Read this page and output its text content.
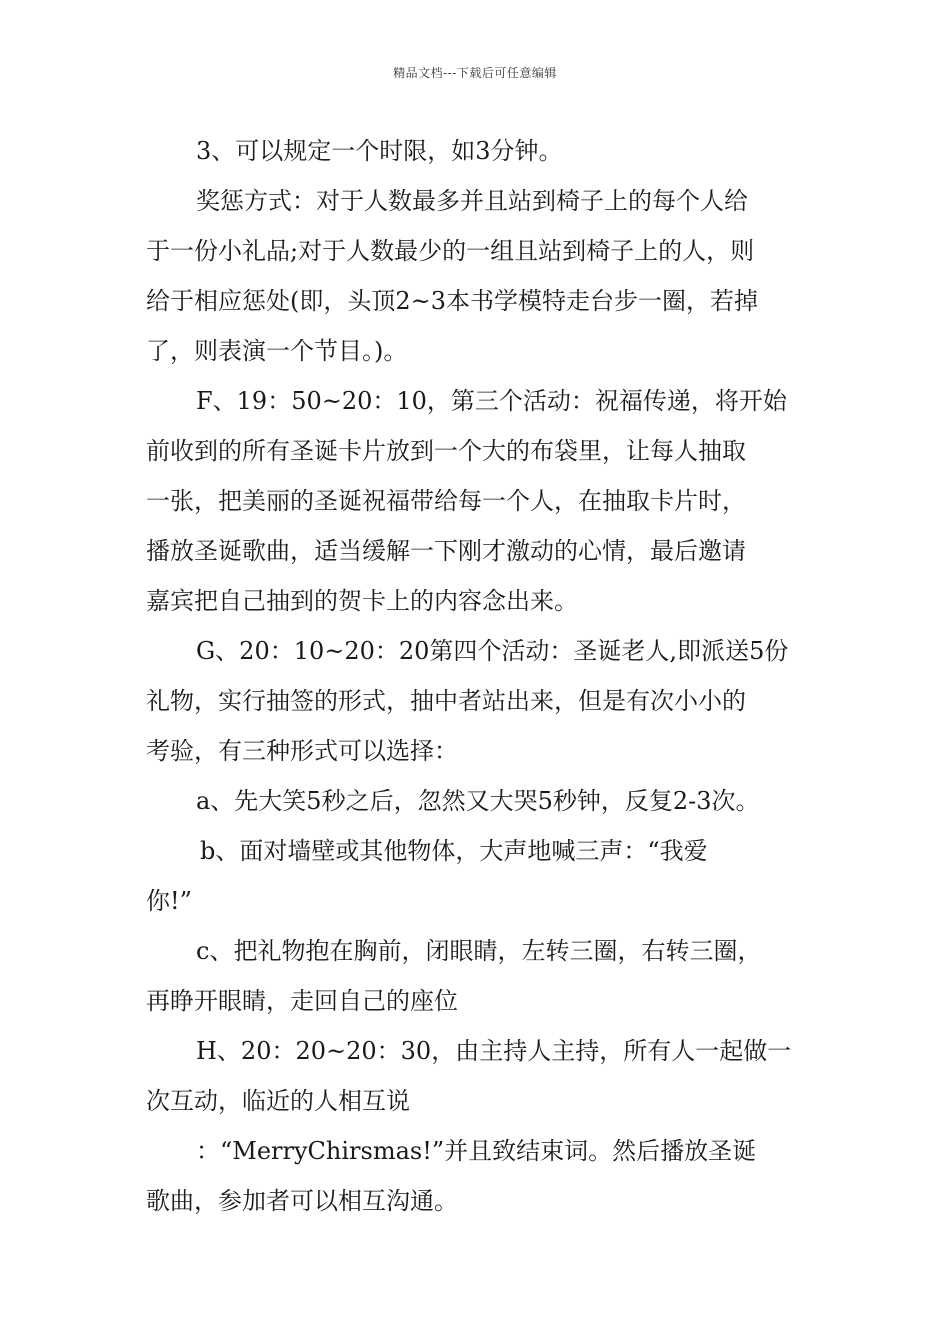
精品文档---下载后可任意编辑
3、可以规定一个时限，如3分钟。
奖惩方式：对于人数最多并且站到椅子上的每个人给
于一份小礼品;对于人数最少的一组且站到椅子上的人，则
给于相应惩处(即，头顶2~3本书学模特走台步一圈，若掉
了，则表演一个节目。)。
F、19：50~20：10，第三个活动：祝福传递，将开始
前收到的所有圣诞卡片放到一个大的布袋里，让每人抽取
一张，把美丽的圣诞祝福带给每一个人，在抽取卡片时，
播放圣诞歌曲，适当缓解一下刚才激动的心情，最后邀请
嘉宾把自己抽到的贺卡上的内容念出来。
G、20：10~20：20第四个活动：圣诞老人,即派送5份
礼物，实行抽签的形式，抽中者站出来，但是有次小小的
考验，有三种形式可以选择：
a、先大笑5秒之后，忽然又大哭5秒钟，反复2-3次。
b、面对墙壁或其他物体，大声地喊三声：“我爱
你!”
c、把礼物抱在胸前，闭眼睛，左转三圈，右转三圈，
再睁开眼睛，走回自己的座位
H、20：20~20：30，由主持人主持，所有人一起做一
次互动，临近的人相互说
：“MerryChirsmas!”并且致结束词。然后播放圣诞
歌曲，参加者可以相互沟通。
